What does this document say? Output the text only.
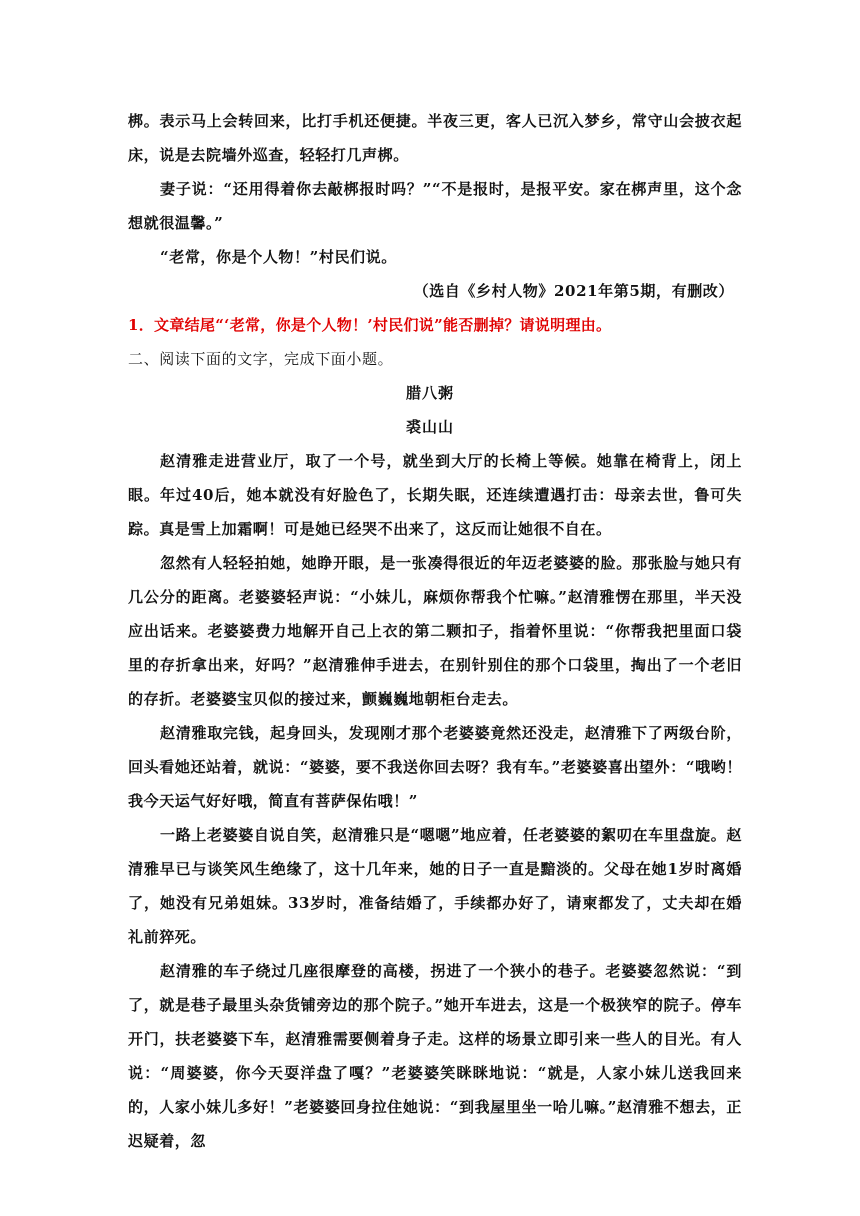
梆。表示马上会转回来，比打手机还便捷。半夜三更，客人已沉入梦乡，常守山会披衣起床，说是去院墙外巡查，轻轻打几声梆。

妻子说：“还用得着你去敲梆报时吗？”“不是报时，是报平安。家在梆声里，这个念想就很温馨。”

“老常，你是个人物！”村民们说。

（选自《乡村人物》2021年第5期，有删改）

1．文章结尾“‘老常，你是个人物！’村民们说”能否删掉？请说明理由。

二、阅读下面的文字，完成下面小题。

腊八粥

裘山山

赵清雅走进营业厅，取了一个号，就坐到大厅的长椅上等候。她靠在椅背上，闭上眼。年过40后，她本就没有好脸色了，长期失眠，还连续遭遇打击：母亲去世，鲁可失踪。真是雪上加霜啊！可是她已经哭不出来了，这反而让她很不自在。

忽然有人轻轻拍她，她睁开眼，是一张凑得很近的年迈老婆婆的脸。那张脸与她只有几公分的距离。老婆婆轻声说：“小妹儿，麻烦你帮我个忙嘛。”赵清雅愣在那里，半天没应出话来。老婆婆费力地解开自己上衣的第二颗扣子，指着怀里说：“你帮我把里面口袋里的存折拿出来，好吗？”赵清雅伸手进去，在别针别住的那个口袋里，掏出了一个老旧的存折。老婆婆宝贝似的接过来，颤巍巍地朝柜台走去。

赵清雅取完钱，起身回头，发现刚才那个老婆婆竟然还没走，赵清雅下了两级台阶，回头看她还站着，就说：“婆婆，要不我送你回去呀？我有车。”老婆婆喜出望外：“哦哟！我今天运气好好哦，简直有菩萨保佑哦！”

一路上老婆婆自说自笑，赵清雅只是“嗯嗯”地应着，任老婆婆的絮叨在车里盘旋。赵清雅早已与谈笑风生绝缘了，这十几年来，她的日子一直是黯淡的。父母在她1岁时离婚了，她没有兄弟姐妹。33岁时，准备结婚了，手续都办好了，请柬都发了，丈夫却在婚礼前猝死。

赵清雅的车子绕过几座很摩登的高楼，拐进了一个狭小的巷子。老婆婆忽然说：“到了，就是巷子最里头杂货铺旁边的那个院子。”她开车进去，这是一个极狭窄的院子。停车开门，扶老婆婆下车，赵清雅需要侧着身子走。这样的场景立即引来一些人的目光。有人说：“周婆婆，你今天耍洋盘了嘎？”老婆婆笑眯眯地说：“就是，人家小妹儿送我回来的，人家小妹儿多好！”老婆婆回身拉住她说：“到我屋里坐一哈儿嘛。”赵清雅不想去，正迟疑着，忽
